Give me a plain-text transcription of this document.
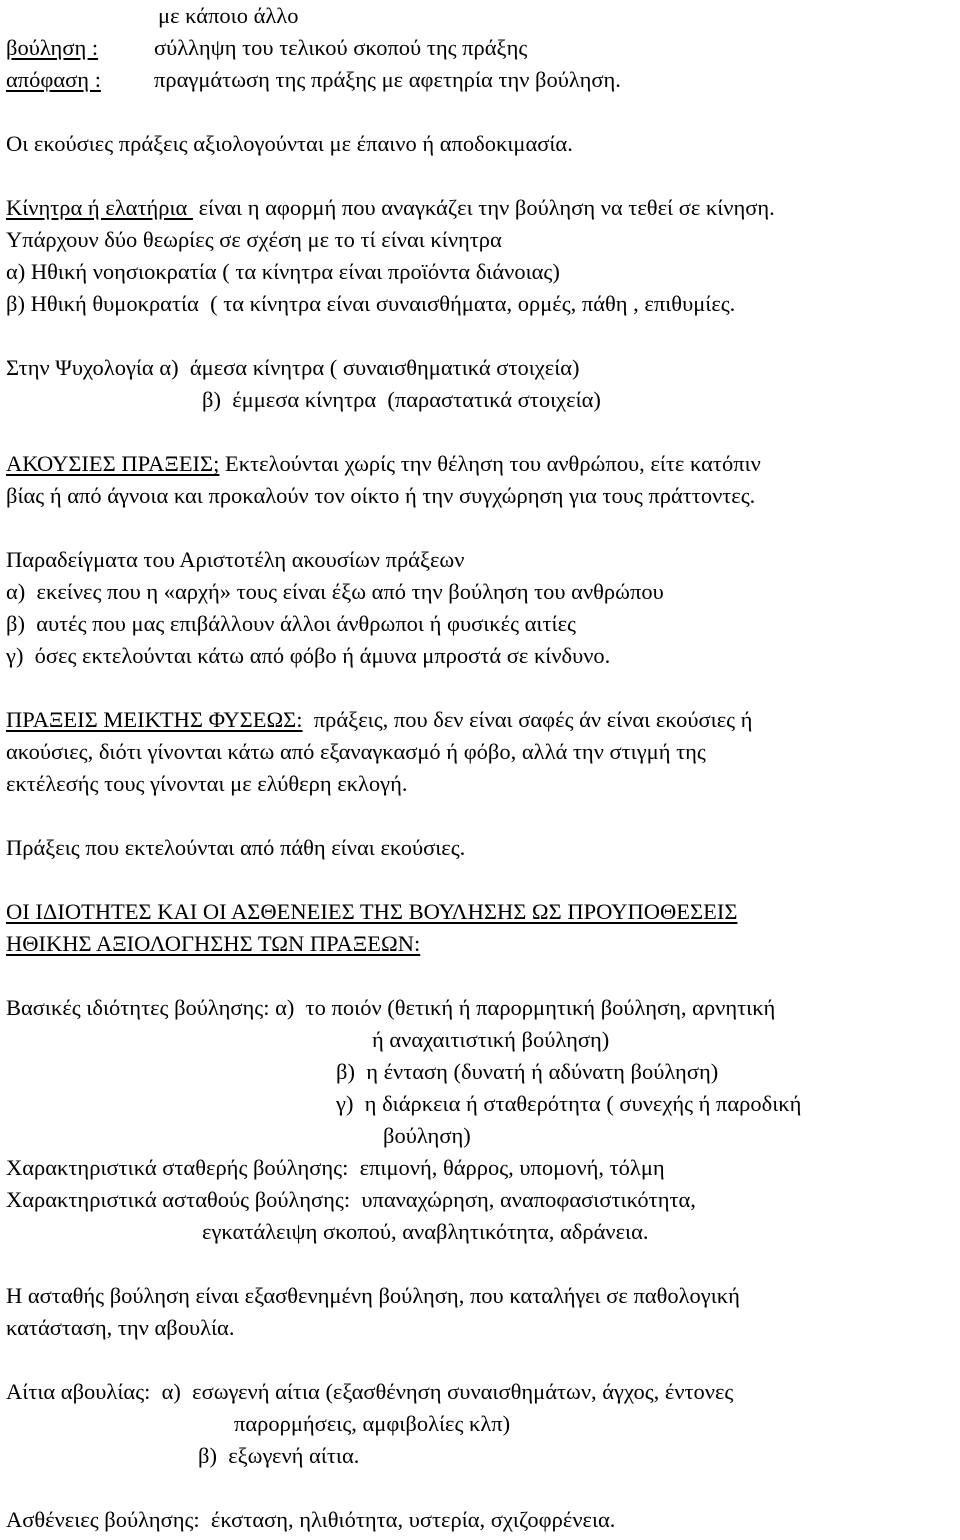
με κάποιο άλλο
βούληση : σύλληψη του τελικού σκοπού της πράξης
απόφαση : πραγμάτωση της πράξης με αφετηρία την βούληση.
Οι εκούσιες πράξεις αξιολογούνται με έπαινο ή αποδοκιμασία.
Κίνητρα ή ελατήρια  είναι η αφορμή που αναγκάζει την βούληση να τεθεί σε κίνηση.
Υπάρχουν δύο θεωρίες σε σχέση με το τί είναι κίνητρα
α) Ηθική νοησιοκρατία ( τα κίνητρα είναι προϊόντα διάνοιας)
β) Ηθική θυμοκρατία  ( τα κίνητρα είναι συναισθήματα, ορμές, πάθη , επιθυμίες.
Στην Ψυχολογία α)  άμεσα κίνητρα ( συναισθηματικά στοιχεία)
β)  έμμεσα κίνητρα  (παραστατικά στοιχεία)
ΑΚΟΥΣΙΕΣ ΠΡΑΞΕΙΣ; Εκτελούνται χωρίς την θέληση του ανθρώπου, είτε κατόπιν
βίας ή από άγνοια και προκαλούν τον οίκτο ή την συγχώρηση για τους πράττοντες.
Παραδείγματα του Αριστοτέλη ακουσίων πράξεων
α)  εκείνες που η «αρχή» τους είναι έξω από την βούληση του ανθρώπου
β)  αυτές που μας επιβάλλουν άλλοι άνθρωποι ή φυσικές αιτίες
γ)  όσες εκτελούνται κάτω από φόβο ή άμυνα μπροστά σε κίνδυνο.
ΠΡΑΞΕΙΣ ΜΕΙΚΤΗΣ ΦΥΣΕΩΣ:  πράξεις, που δεν είναι σαφές άν είναι εκούσιες ή
ακούσιες, διότι γίνονται κάτω από εξαναγκασμό ή φόβο, αλλά την στιγμή της
εκτέλεσής τους γίνονται με ελύθερη εκλογή.
Πράξεις που εκτελούνται από πάθη είναι εκούσιες.
ΟΙ ΙΔΙΟΤΗΤΕΣ ΚΑΙ ΟΙ ΑΣΘΕΝΕΙΕΣ ΤΗΣ ΒΟΥΛΗΣΗΣ ΩΣ ΠΡΟΥΠΟΘΕΣΕΙΣ
ΗΘΙΚΗΣ ΑΞΙΟΛΟΓΗΣΗΣ ΤΩΝ ΠΡΑΞΕΩΝ:
Βασικές ιδιότητες βούλησης: α)  το ποιόν (θετική ή παρορμητική βούληση, αρνητική
ή αναχαιτιστική βούληση)
β)  η ένταση (δυνατή ή αδύνατη βούληση)
γ)  η διάρκεια ή σταθερότητα ( συνεχής ή παροδική
βούληση)
Χαρακτηριστικά σταθερής βούλησης:  επιμονή, θάρρος, υπομονή, τόλμη
Χαρακτηριστικά ασταθούς βούλησης:  υπαναχώρηση, αναποφασιστικότητα,
εγκατάλειψη σκοπού, αναβλητικότητα, αδράνεια.
Η ασταθής βούληση είναι εξασθενημένη βούληση, που καταλήγει σε παθολογική
κατάσταση, την αβουλία.
Αίτια αβουλίας:  α)  εσωγενή αίτια (εξασθένηση συναισθημάτων, άγχος, έντονες
παρορμήσεις, αμφιβολίες κλπ)
β)  εξωγενή αίτια.
Ασθένειες βούλησης:  έκσταση, ηλιθιότητα, υστερία, σχιζοφρένεια.
